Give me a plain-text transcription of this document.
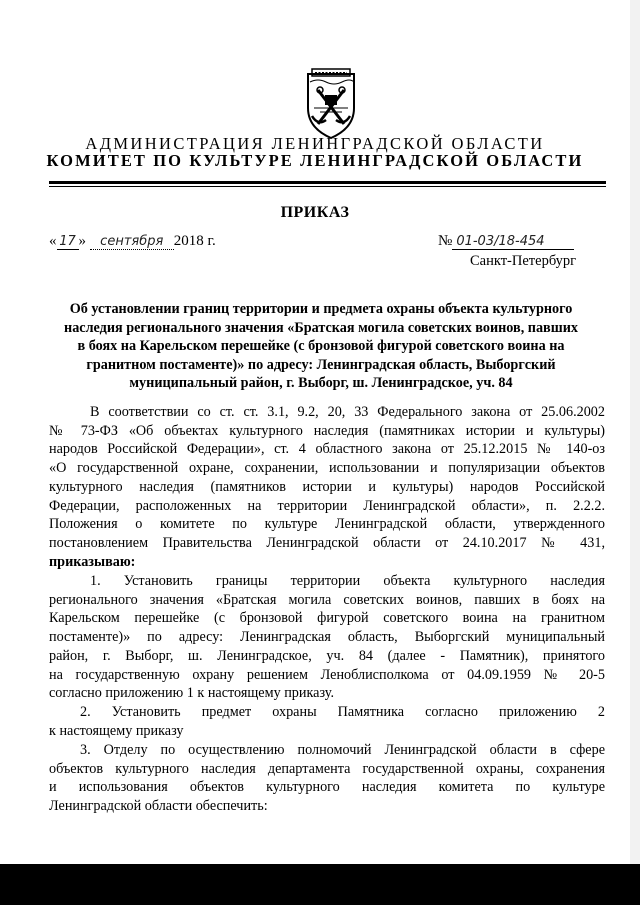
АДМИНИСТРАЦИЯ ЛЕНИНГРАДСКОЙ ОБЛАСТИ
КОМИТЕТ ПО КУЛЬТУРЕ ЛЕНИНГРАДСКОЙ ОБЛАСТИ
ПРИКАЗ
« 17 » сентября 2018 г.	№ 01-03/18-454
Санкт-Петербург
Об установлении границ территории и предмета охраны объекта культурного
наследия регионального значения «Братская могила советских воинов, павших
в боях на Карельском перешейке (с бронзовой фигурой советского воина на
гранитном постаменте)» по адресу: Ленинградская область, Выборгский
муниципальный район, г. Выборг, ш. Ленинградское, уч. 84
В соответствии со ст. ст. 3.1, 9.2, 20, 33 Федерального закона от 25.06.2002
№ 73-ФЗ «Об объектах культурного наследия (памятниках истории и культуры)
народов Российской Федерации», ст. 4 областного закона от 25.12.2015 № 140-оз
«О государственной охране, сохранении, использовании и популяризации объектов
культурного наследия (памятников истории и культуры) народов Российской
Федерации, расположенных на территории Ленинградской области», п. 2.2.2.
Положения о комитете по культуре Ленинградской области, утвержденного
постановлением Правительства Ленинградской области от 24.10.2017 № 431,
приказываю:
1. Установить границы территории объекта культурного наследия
регионального значения «Братская могила советских воинов, павших в боях на
Карельском перешейке (с бронзовой фигурой советского воина на гранитном
постаменте)» по адресу: Ленинградская область, Выборгский муниципальный
район, г. Выборг, ш. Ленинградское, уч. 84 (далее - Памятник), принятого
на государственную охрану решением Леноблисполкома от 04.09.1959 № 20-5
согласно приложению 1 к настоящему приказу.
2. Установить предмет охраны Памятника согласно приложению 2
к настоящему приказу
3. Отделу по осуществлению полномочий Ленинградской области в сфере
объектов культурного наследия департамента государственной охраны, сохранения
и использования объектов культурного наследия комитета по культуре
Ленинградской области обеспечить:
